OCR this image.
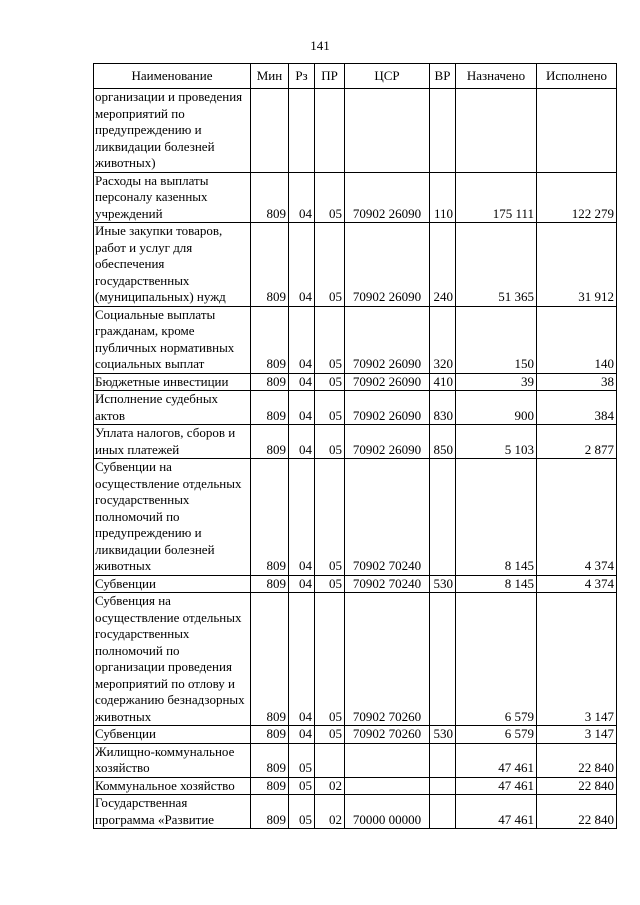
141
Наименование	Мин	Рз	ПР	ЦСР	ВР	Назначено	Исполнено
организации и проведения мероприятий по предупреждению и ликвидации болезней животных)							
Расходы на выплаты персоналу казенных учреждений	809	04	05	70902 26090	110	175 111	122 279
Иные закупки товаров, работ и услуг для обеспечения государственных (муниципальных) нужд	809	04	05	70902 26090	240	51 365	31 912
Социальные выплаты гражданам, кроме публичных нормативных социальных выплат	809	04	05	70902 26090	320	150	140
Бюджетные инвестиции	809	04	05	70902 26090	410	39	38
Исполнение судебных актов	809	04	05	70902 26090	830	900	384
Уплата налогов, сборов и иных платежей	809	04	05	70902 26090	850	5 103	2 877
Субвенции на осуществление отдельных государственных полномочий по предупреждению и ликвидации болезней животных	809	04	05	70902 70240		8 145	4 374
Субвенции	809	04	05	70902 70240	530	8 145	4 374
Субвенция на осуществление отдельных государственных полномочий по организации проведения мероприятий по отлову и содержанию безнадзорных животных	809	04	05	70902 70260		6 579	3 147
Субвенции	809	04	05	70902 70260	530	6 579	3 147
Жилищно-коммунальное хозяйство	809	05				47 461	22 840
Коммунальное хозяйство	809	05	02			47 461	22 840
Государственная программа «Развитие	809	05	02	70000 00000		47 461	22 840
